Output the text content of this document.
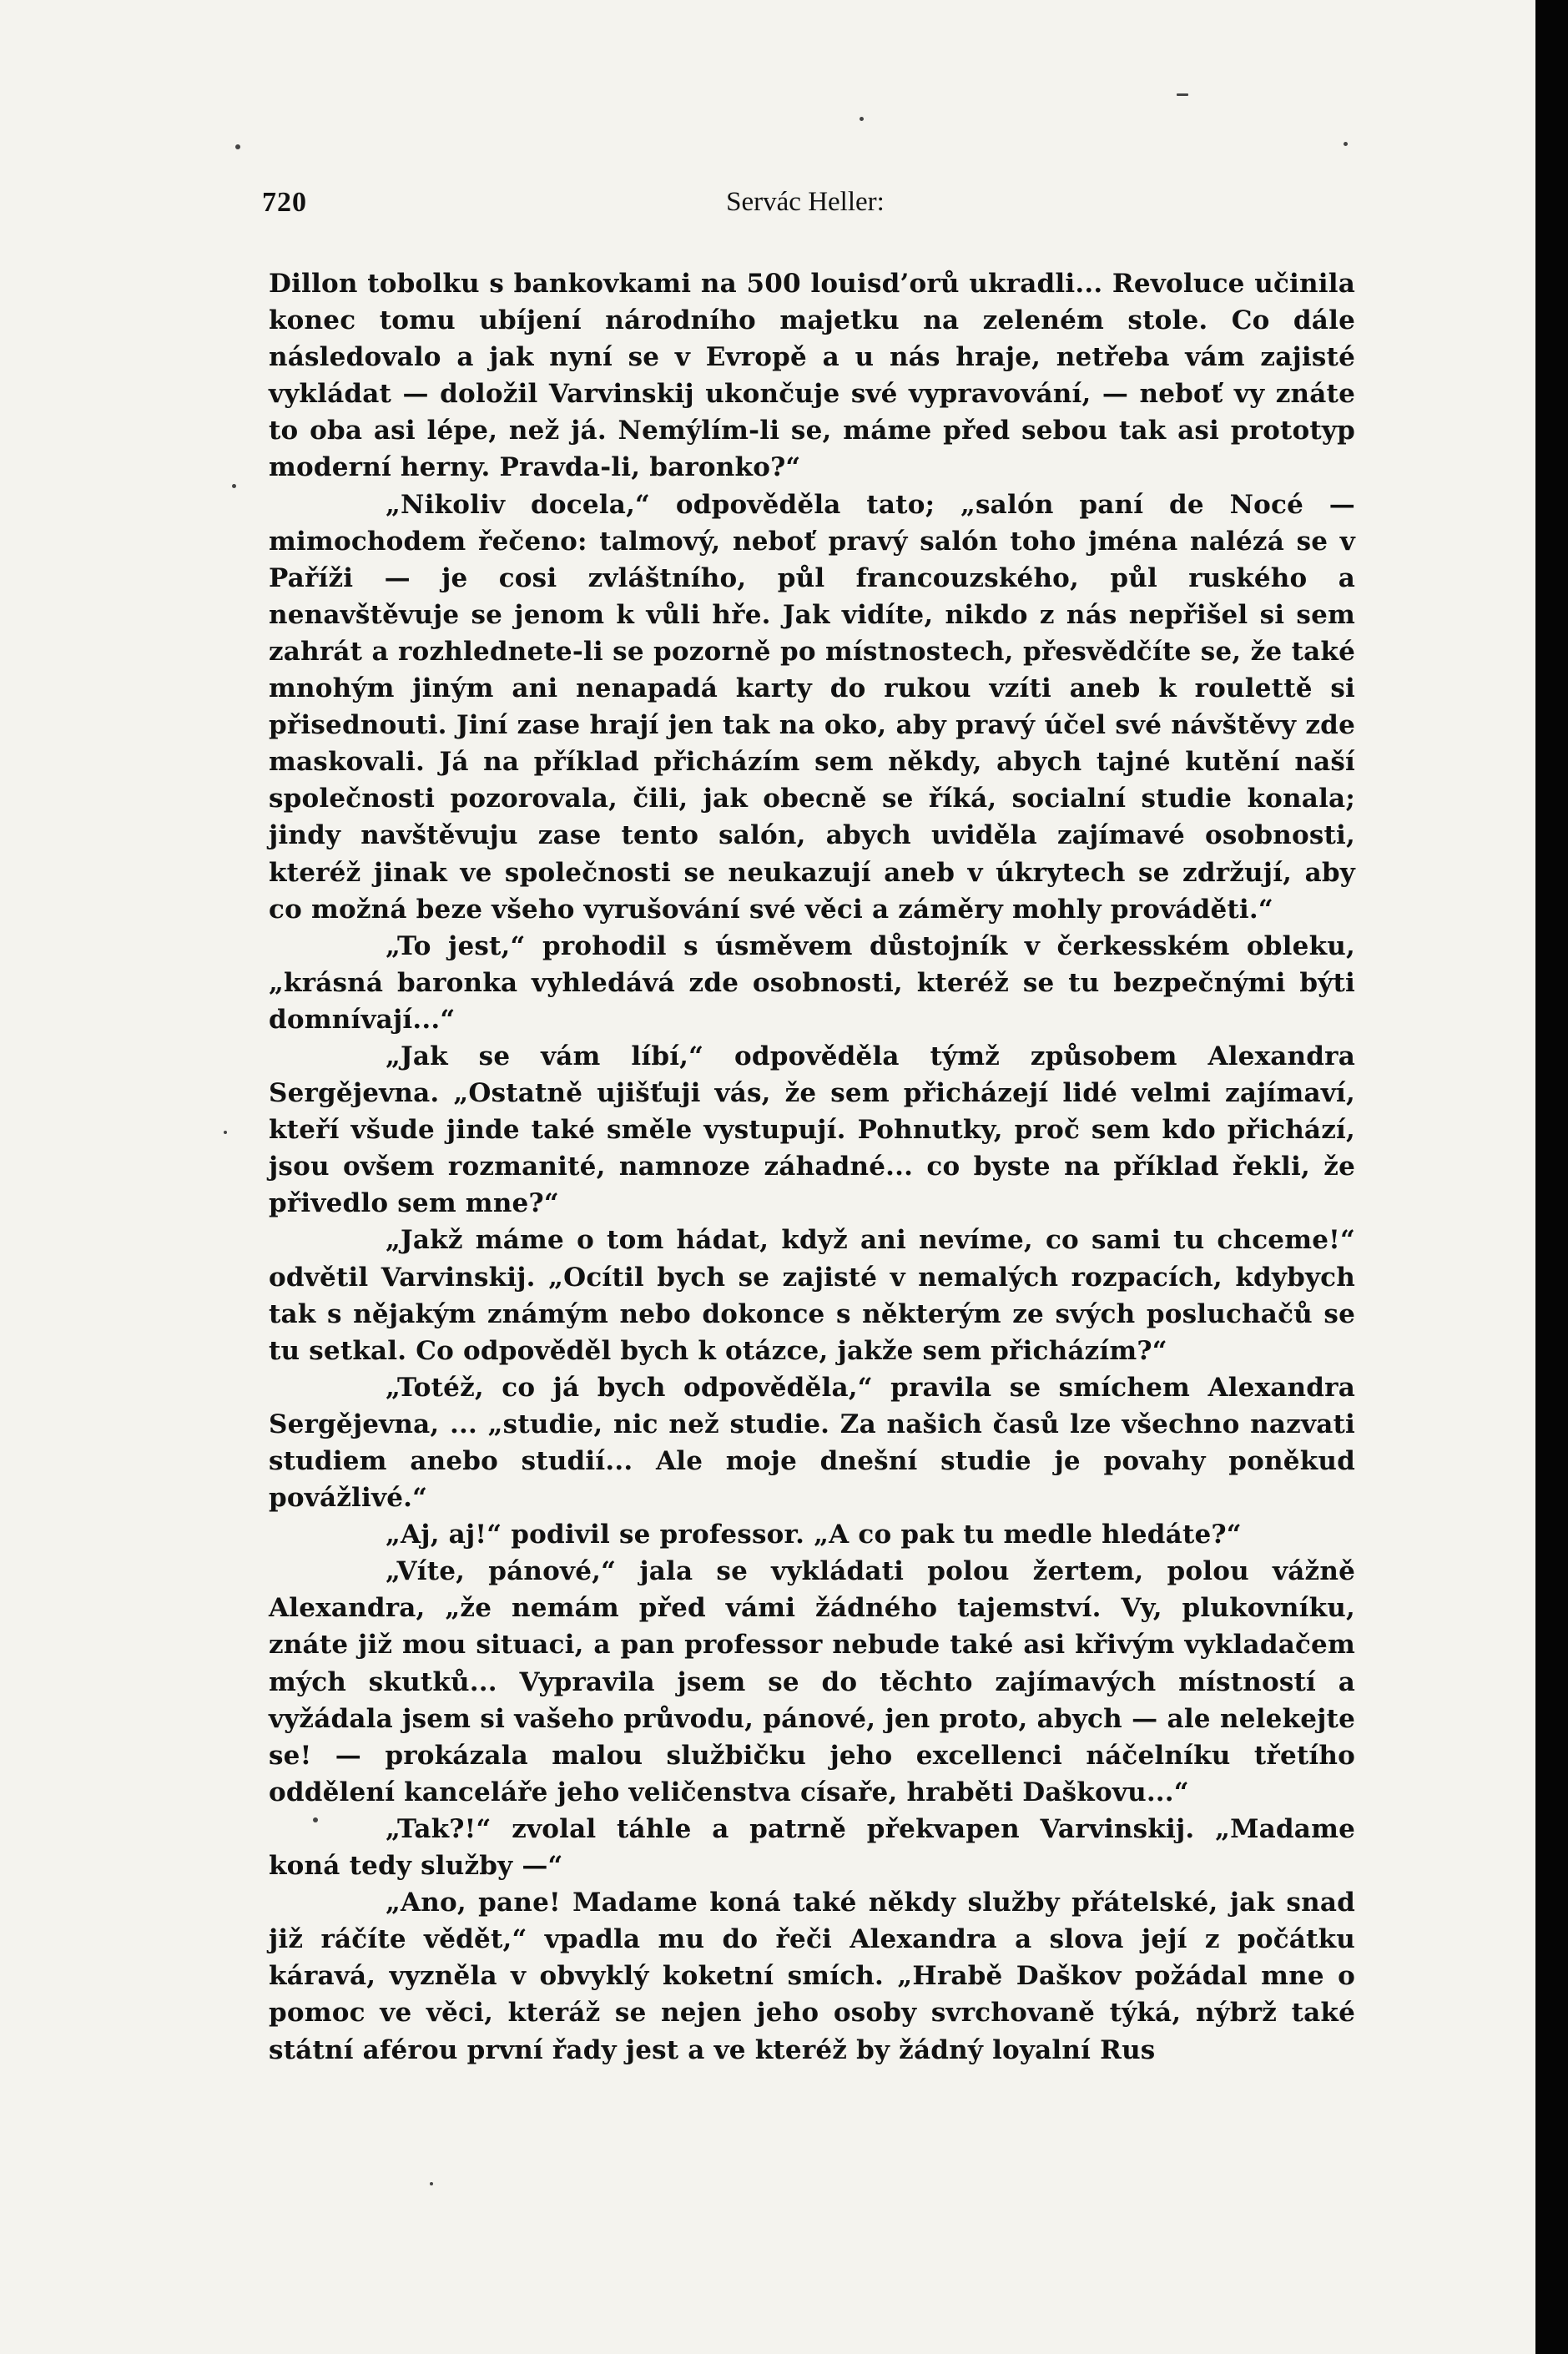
720	Servác Heller:

Dillon tobolku s bankovkami na 500 louisd’orů ukradli... Revoluce učinila konec tomu ubíjení národního majetku na zeleném stole. Co dále následovalo a jak nyní se v Evropě a u nás hraje, netřeba vám zajisté vykládat — doložil Varvinskij ukončuje své vypravování, — neboť vy znáte to oba asi lépe, než já. Nemýlím-li se, máme před sebou tak asi prototyp moderní herny. Pravda-li, baronko?“

„Nikoliv docela,“ odpověděla tato; „salón paní de Nocé — mimochodem řečeno: talmový, neboť pravý salón toho jména nalézá se v Paříži — je cosi zvláštního, půl francouzského, půl ruského a nenavštěvuje se jenom k vůli hře. Jak vidíte, nikdo z nás nepřišel si sem zahrát a rozhlednete-li se pozorně po místnostech, přesvědčíte se, že také mnohým jiným ani nenapadá karty do rukou vzíti aneb k roulettě si přisednouti. Jiní zase hrají jen tak na oko, aby pravý účel své návštěvy zde maskovali. Já na příklad přicházím sem někdy, abych tajné kutění naší společnosti pozorovala, čili, jak obecně se říká, socialní studie konala; jindy navštěvuju zase tento salón, abych uviděla zajímavé osobnosti, kteréž jinak ve společnosti se neukazují aneb v úkrytech se zdržují, aby co možná beze všeho vyrušování své věci a záměry mohly prováděti.“

„To jest,“ prohodil s úsměvem důstojník v čerkesském obleku, „krásná baronka vyhledává zde osobnosti, kteréž se tu bezpečnými býti domnívají...“

„Jak se vám líbí,“ odpověděla týmž způsobem Alexandra Sergějevna. „Ostatně ujišťuji vás, že sem přicházejí lidé velmi zajímaví, kteří všude jinde také směle vystupují. Pohnutky, proč sem kdo přichází, jsou ovšem rozmanité, namnoze záhadné... co byste na příklad řekli, že přivedlo sem mne?“

„Jakž máme o tom hádat, když ani nevíme, co sami tu chceme!“ odvětil Varvinskij. „Ocítil bych se zajisté v nemalých rozpacích, kdybych tak s nějakým známým nebo dokonce s některým ze svých posluchačů se tu setkal. Co odpověděl bych k otázce, jakže sem přicházím?“

„Totéž, co já bych odpověděla,“ pravila se smíchem Alexandra Sergějevna, ... „studie, nic než studie. Za našich časů lze všechno nazvati studiem anebo studií... Ale moje dnešní studie je povahy poněkud povážlivé.“

„Aj, aj!“ podivil se professor. „A co pak tu medle hledáte?“

„Víte, pánové,“ jala se vykládati polou žertem, polou vážně Alexandra, „že nemám před vámi žádného tajemství. Vy, plukovníku, znáte již mou situaci, a pan professor nebude také asi křivým vykladačem mých skutků... Vypravila jsem se do těchto zajímavých místností a vyžádala jsem si vašeho průvodu, pánové, jen proto, abych — ale nelekejte se! — prokázala malou službičku jeho excellenci náčelníku třetího oddělení kanceláře jeho veličenstva císaře, hraběti Daškovu...“

„Tak?!“ zvolal táhle a patrně překvapen Varvinskij. „Madame koná tedy služby —“

„Ano, pane! Madame koná také někdy služby přátelské, jak snad již ráčíte vědět,“ vpadla mu do řeči Alexandra a slova její z počátku káravá, vyzněla v obvyklý koketní smích. „Hrabě Daškov požádal mne o pomoc ve věci, kteráž se nejen jeho osoby svrchovaně týká, nýbrž také státní aférou první řady jest a ve kteréž by žádný loyalní Rus
